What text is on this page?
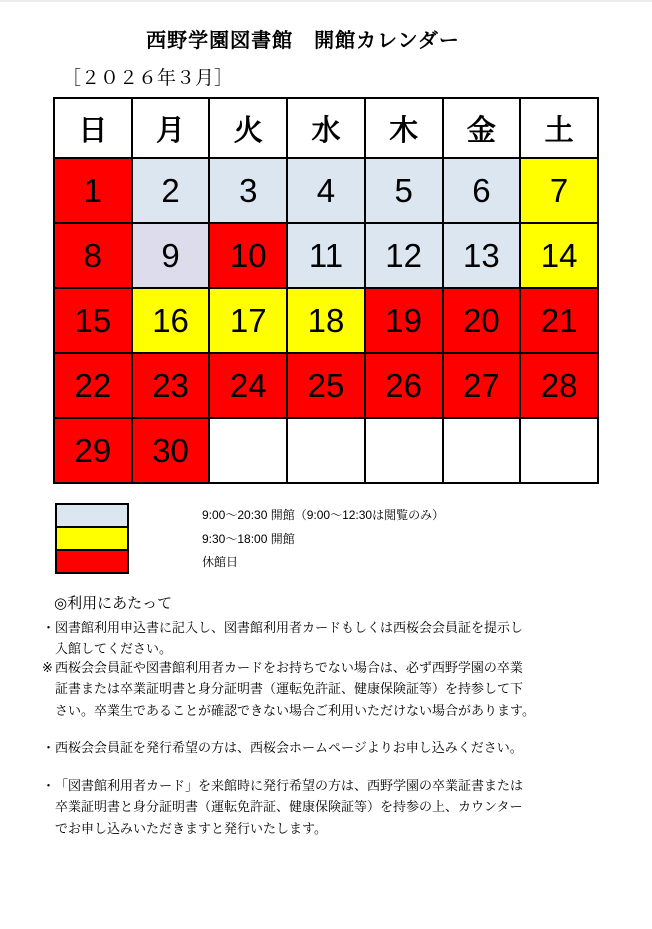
西野学園図書館　開館カレンダー
［２０２６年３月］
日	月	火	水	木	金	土
1	2	3	4	5	6	7
8	9	10	11	12	13	14
15	16	17	18	19	20	21
22	23	24	25	26	27	28
29	30					
9:00～20:30 開館（9:00～12:30は閲覧のみ）
9:30～18:00 開館
休館日
◎利用にあたって
・ 図書館利用申込書に記入し、図書館利用者カードもしくは西桜会会員証を提示し
入館してください。
※ 西桜会会員証や図書館利用者カードをお持ちでない場合は、必ず西野学園の卒業
証書または卒業証明書と身分証明書（運転免許証、健康保険証等）を持参して下
さい。卒業生であることが確認できない場合ご利用いただけない場合があります。
・ 西桜会会員証を発行希望の方は、西桜会ホームページよりお申し込みください。
・ 「図書館利用者カード」を来館時に発行希望の方は、西野学園の卒業証書または
卒業証明書と身分証明書（運転免許証、健康保険証等）を持参の上、カウンター
でお申し込みいただきますと発行いたします。
